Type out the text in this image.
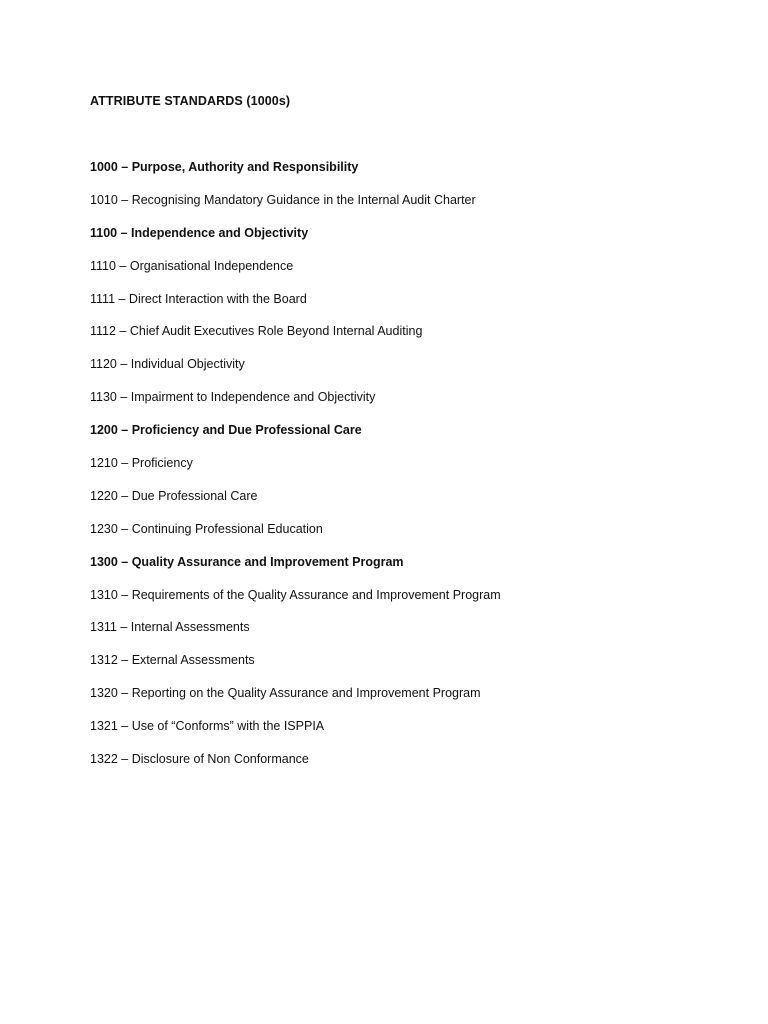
ATTRIBUTE STANDARDS (1000s)
1000 – Purpose, Authority and Responsibility
1010 – Recognising Mandatory Guidance in the Internal Audit Charter
1100 – Independence and Objectivity
1110 – Organisational Independence
1111 – Direct Interaction with the Board
1112 – Chief Audit Executives Role Beyond Internal Auditing
1120 – Individual Objectivity
1130 – Impairment to Independence and Objectivity
1200 – Proficiency and Due Professional Care
1210 – Proficiency
1220 – Due Professional Care
1230 – Continuing Professional Education
1300 – Quality Assurance and Improvement Program
1310 – Requirements of the Quality Assurance and Improvement Program
1311 – Internal Assessments
1312 – External Assessments
1320 – Reporting on the Quality Assurance and Improvement Program
1321 – Use of “Conforms” with the ISPPIA
1322 – Disclosure of Non Conformance
